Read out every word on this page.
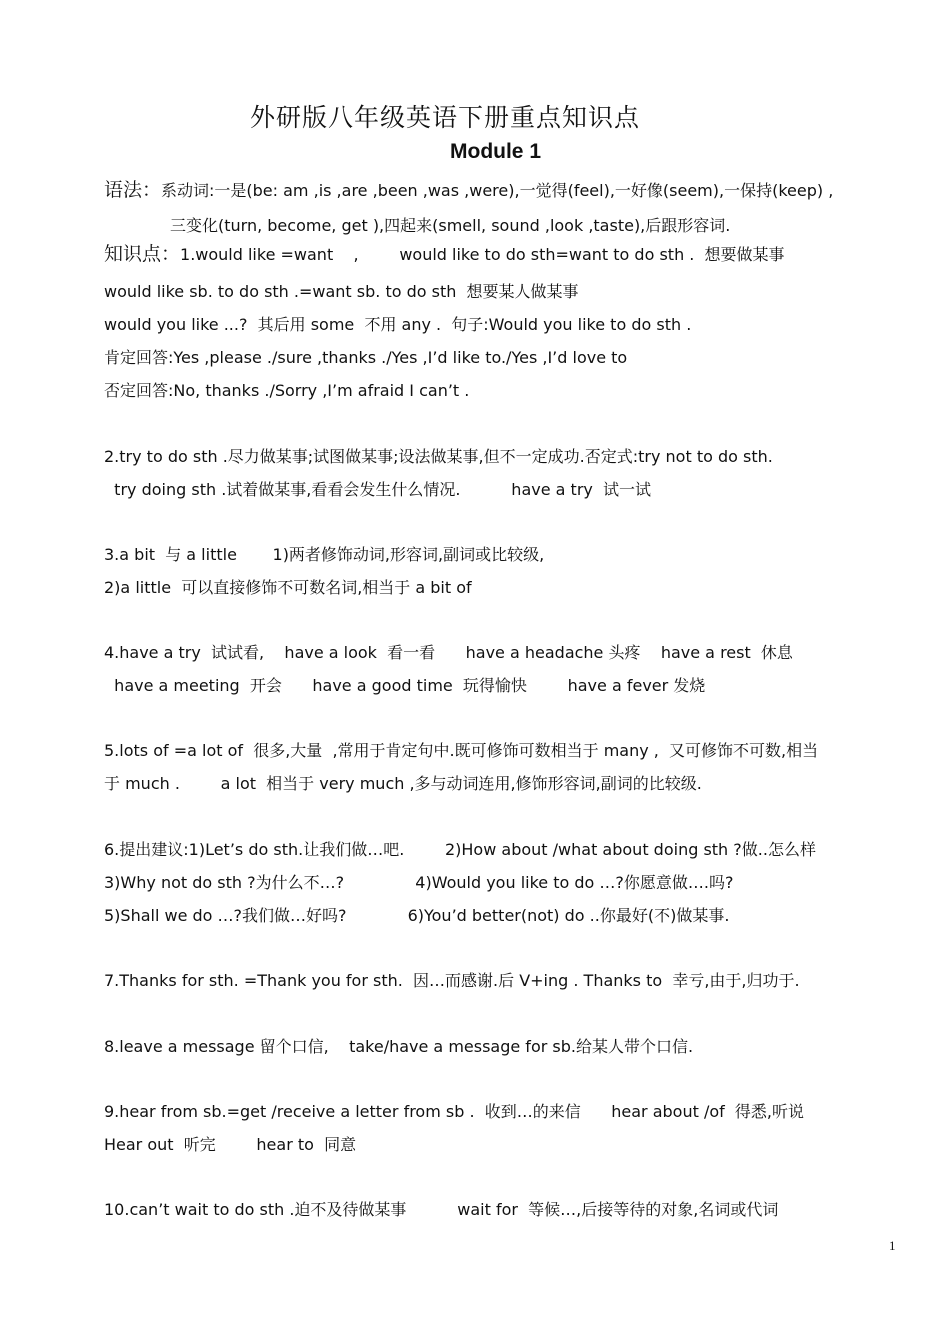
外研版八年级英语下册重点知识点
Module 1
语法：系动词:一是(be: am ,is ,are ,been ,was ,were),一觉得(feel),一好像(seem),一保持(keep) ,
三变化(turn, become, get ),四起来(smell, sound ,look ,taste),后跟形容词.
知识点：1.would like =want    ,        would like to do sth=want to do sth .  想要做某事
would like sb. to do sth .=want sb. to do sth  想要某人做某事
would you like ...?  其后用 some  不用 any .  句子:Would you like to do sth .
肯定回答:Yes ,please ./sure ,thanks ./Yes ,I’d like to./Yes ,I’d love to
否定回答:No, thanks ./Sorry ,I’m afraid I can’t .
2.try to do sth .尽力做某事;试图做某事;设法做某事,但不一定成功.否定式:try not to do sth.
try doing sth .试着做某事,看看会发生什么情况.          have a try  试一试
3.a bit  与 a little       1)两者修饰动词,形容词,副词或比较级,
2)a little  可以直接修饰不可数名词,相当于 a bit of
4.have a try  试试看,    have a look  看一看      have a headache 头疼    have a rest  休息
have a meeting  开会      have a good time  玩得愉快        have a fever 发烧
5.lots of =a lot of  很多,大量  ,常用于肯定句中.既可修饰可数相当于 many ,  又可修饰不可数,相当
于 much .        a lot  相当于 very much ,多与动词连用,修饰形容词,副词的比较级.
6.提出建议:1)Let’s do sth.让我们做…吧.        2)How about /what about doing sth ?做..怎么样
3)Why not do sth ?为什么不…?              4)Would you like to do …?你愿意做….吗?
5)Shall we do …?我们做…好吗?            6)You’d better(not) do ..你最好(不)做某事.
7.Thanks for sth. =Thank you for sth.  因…而感谢.后 V+ing . Thanks to  幸亏,由于,归功于.
8.leave a message 留个口信,    take/have a message for sb.给某人带个口信.
9.hear from sb.=get /receive a letter from sb .  收到…的来信      hear about /of  得悉,听说
Hear out  听完        hear to  同意
10.can’t wait to do sth .迫不及待做某事          wait for  等候…,后接等待的对象,名词或代词
1
